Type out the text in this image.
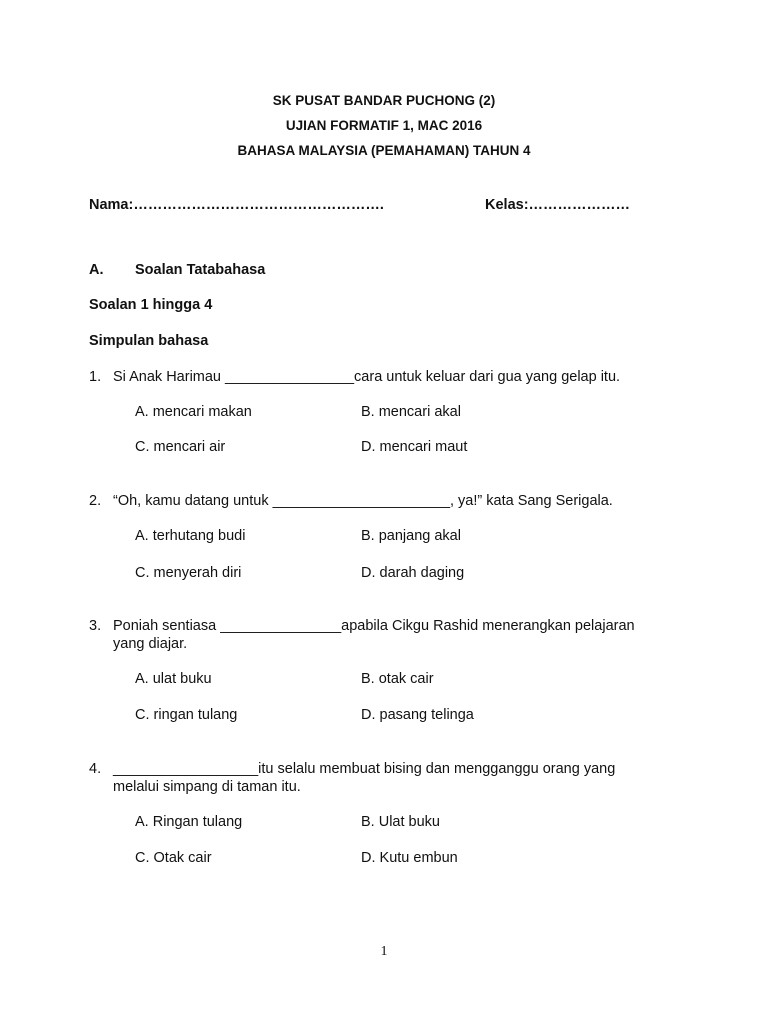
SK PUSAT BANDAR PUCHONG (2)
UJIAN FORMATIF 1, MAC 2016
BAHASA MALAYSIA (PEMAHAMAN) TAHUN 4
Nama:…………………………………………….	Kelas:…………………
A. Soalan Tatabahasa
Soalan 1 hingga 4
Simpulan bahasa
1. Si Anak Harimau ________________cara untuk keluar dari gua yang gelap itu.
A. mencari makan	B. mencari akal
C. mencari air	D. mencari maut
2. “Oh, kamu datang untuk ______________________, ya!” kata Sang Serigala.
A. terhutang budi	B. panjang akal
C. menyerah diri	D. darah daging
3. Poniah sentiasa _______________apabila Cikgu Rashid menerangkan pelajaran
yang diajar.
A. ulat buku	B. otak cair
C. ringan tulang	D. pasang telinga
4. __________________itu selalu membuat bising dan mengganggu orang yang
melalui simpang di taman itu.
A. Ringan tulang	B. Ulat buku
C. Otak cair	D. Kutu embun
1
